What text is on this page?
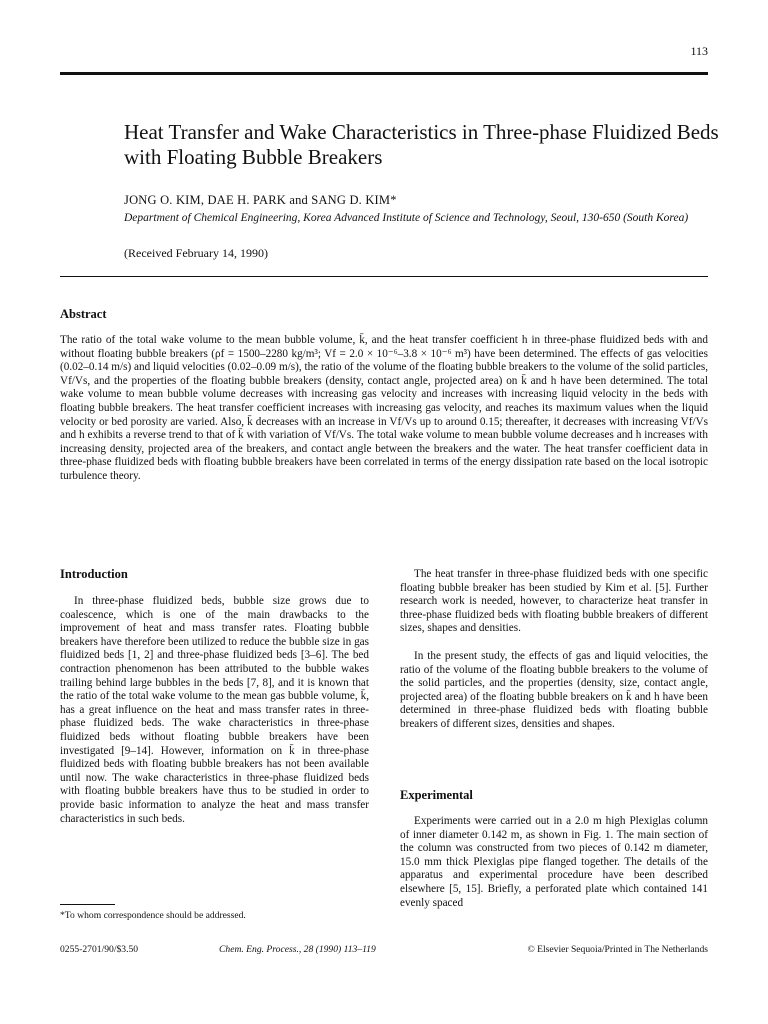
113
Heat Transfer and Wake Characteristics in Three-phase Fluidized Beds with Floating Bubble Breakers
JONG O. KIM, DAE H. PARK and SANG D. KIM*
Department of Chemical Engineering, Korea Advanced Institute of Science and Technology, Seoul, 130-650 (South Korea)
(Received February 14, 1990)
Abstract
The ratio of the total wake volume to the mean bubble volume, k̄, and the heat transfer coefficient h in three-phase fluidized beds with and without floating bubble breakers (ρf = 1500–2280 kg/m³; Vf = 2.0 × 10⁻⁶–3.8 × 10⁻⁶ m³) have been determined. The effects of gas velocities (0.02–0.14 m/s) and liquid velocities (0.02–0.09 m/s), the ratio of the volume of the floating bubble breakers to the volume of the solid particles, Vf/Vs, and the properties of the floating bubble breakers (density, contact angle, projected area) on k̄ and h have been determined. The total wake volume to mean bubble volume decreases with increasing gas velocity and increases with increasing liquid velocity in the beds with floating bubble breakers. The heat transfer coefficient increases with increasing gas velocity, and reaches its maximum values when the liquid velocity or bed porosity are varied. Also, k̄ decreases with an increase in Vf/Vs up to around 0.15; thereafter, it decreases with increasing Vf/Vs and h exhibits a reverse trend to that of k̄ with variation of Vf/Vs. The total wake volume to mean bubble volume decreases and h increases with increasing density, projected area of the breakers, and contact angle between the breakers and the water. The heat transfer coefficient data in three-phase fluidized beds with floating bubble breakers have been correlated in terms of the energy dissipation rate based on the local isotropic turbulence theory.
Introduction
In three-phase fluidized beds, bubble size grows due to coalescence, which is one of the main drawbacks to the improvement of heat and mass transfer rates. Floating bubble breakers have therefore been utilized to reduce the bubble size in gas fluidized beds [1, 2] and three-phase fluidized beds [3–6]. The bed contraction phenomenon has been attributed to the bubble wakes trailing behind large bubbles in the beds [7, 8], and it is known that the ratio of the total wake volume to the mean gas bubble volume, k̄, has a great influence on the heat and mass transfer rates in three-phase fluidized beds. The wake characteristics in three-phase fluidized beds without floating bubble breakers have been investigated [9–14]. However, information on k̄ in three-phase fluidized beds with floating bubble breakers has not been available until now. The wake characteristics in three-phase fluidized beds with floating bubble breakers have thus to be studied in order to provide basic information to analyze the heat and mass transfer characteristics in such beds.
The heat transfer in three-phase fluidized beds with one specific floating bubble breaker has been studied by Kim et al. [5]. Further research work is needed, however, to characterize heat transfer in three-phase fluidized beds with floating bubble breakers of different sizes, shapes and densities.
In the present study, the effects of gas and liquid velocities, the ratio of the volume of the floating bubble breakers to the volume of the solid particles, and the properties (density, size, contact angle, projected area) of the floating bubble breakers on k̄ and h have been determined in three-phase fluidized beds with floating bubble breakers of different sizes, densities and shapes.
Experimental
Experiments were carried out in a 2.0 m high Plexiglas column of inner diameter 0.142 m, as shown in Fig. 1. The main section of the column was constructed from two pieces of 0.142 m diameter, 15.0 mm thick Plexiglas pipe flanged together. The details of the apparatus and experimental procedure have been described elsewhere [5, 15]. Briefly, a perforated plate which contained 141 evenly spaced
*To whom correspondence should be addressed.
0255-2701/90/$3.50	Chem. Eng. Process., 28 (1990) 113–119	© Elsevier Sequoia/Printed in The Netherlands
